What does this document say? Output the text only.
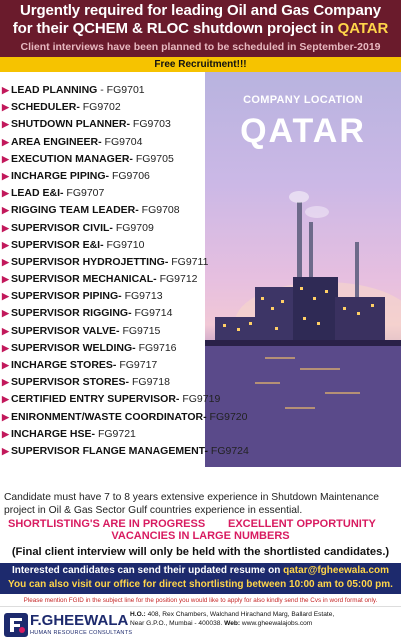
Urgently required for leading Oil and Gas Company
for their QCHEM & RLOC shutdown project in QATAR
Client interviews have been planned to be scheduled in September-2019
Free Recruitment!!!
COMPANY LOCATION
QATAR
▶ LEAD PLANNING - FG9701
▶ SCHEDULER- FG9702
▶ SHUTDOWN PLANNER- FG9703
▶ AREA ENGINEER- FG9704
▶ EXECUTION MANAGER- FG9705
▶ INCHARGE PIPING- FG9706
▶ LEAD E&I- FG9707
▶ RIGGING TEAM LEADER- FG9708
▶ SUPERVISOR CIVIL- FG9709
▶ SUPERVISOR E&I- FG9710
▶ SUPERVISOR HYDROJETTING- FG9711
▶ SUPERVISOR MECHANICAL- FG9712
▶ SUPERVISOR PIPING- FG9713
▶ SUPERVISOR RIGGING- FG9714
▶ SUPERVISOR VALVE- FG9715
▶ SUPERVISOR WELDING- FG9716
▶ INCHARGE STORES- FG9717
▶ SUPERVISOR STORES- FG9718
▶ CERTIFIED ENTRY SUPERVISOR- FG9719
▶ ENIRONMENT/WASTE COORDINATOR- FG9720
▶ INCHARGE HSE- FG9721
▶ SUPERVISOR FLANGE MANAGEMENT- FG9724
Candidate must have 7 to 8 years extensive experience in Shutdown Maintenance project in Oil & Gas Sector Gulf countries experience in essential.
SHORTLISTING'S ARE IN PROGRESS EXCELLENT OPPORTUNITY
VACANCIES IN LARGE NUMBERS
(Final client interview will only be held with the shortlisted candidates.)
Interested candidates can send their updated resume on qatar@fgheewala.com
You can also visit our office for direct shortlisting between 10:00 am to 05:00 pm.
Please mention FGID in the subject line for the position you would like to apply for also kindly send the Cvs in word format only.
F.GHEEWALA
HUMAN RESOURCE CONSULTANTS
H.O.: 408, Rex Chambers, Walchand Hirachand Marg, Ballard Estate,
Near G.P.O., Mumbai - 400038. Web: www.gheewalajobs.com
